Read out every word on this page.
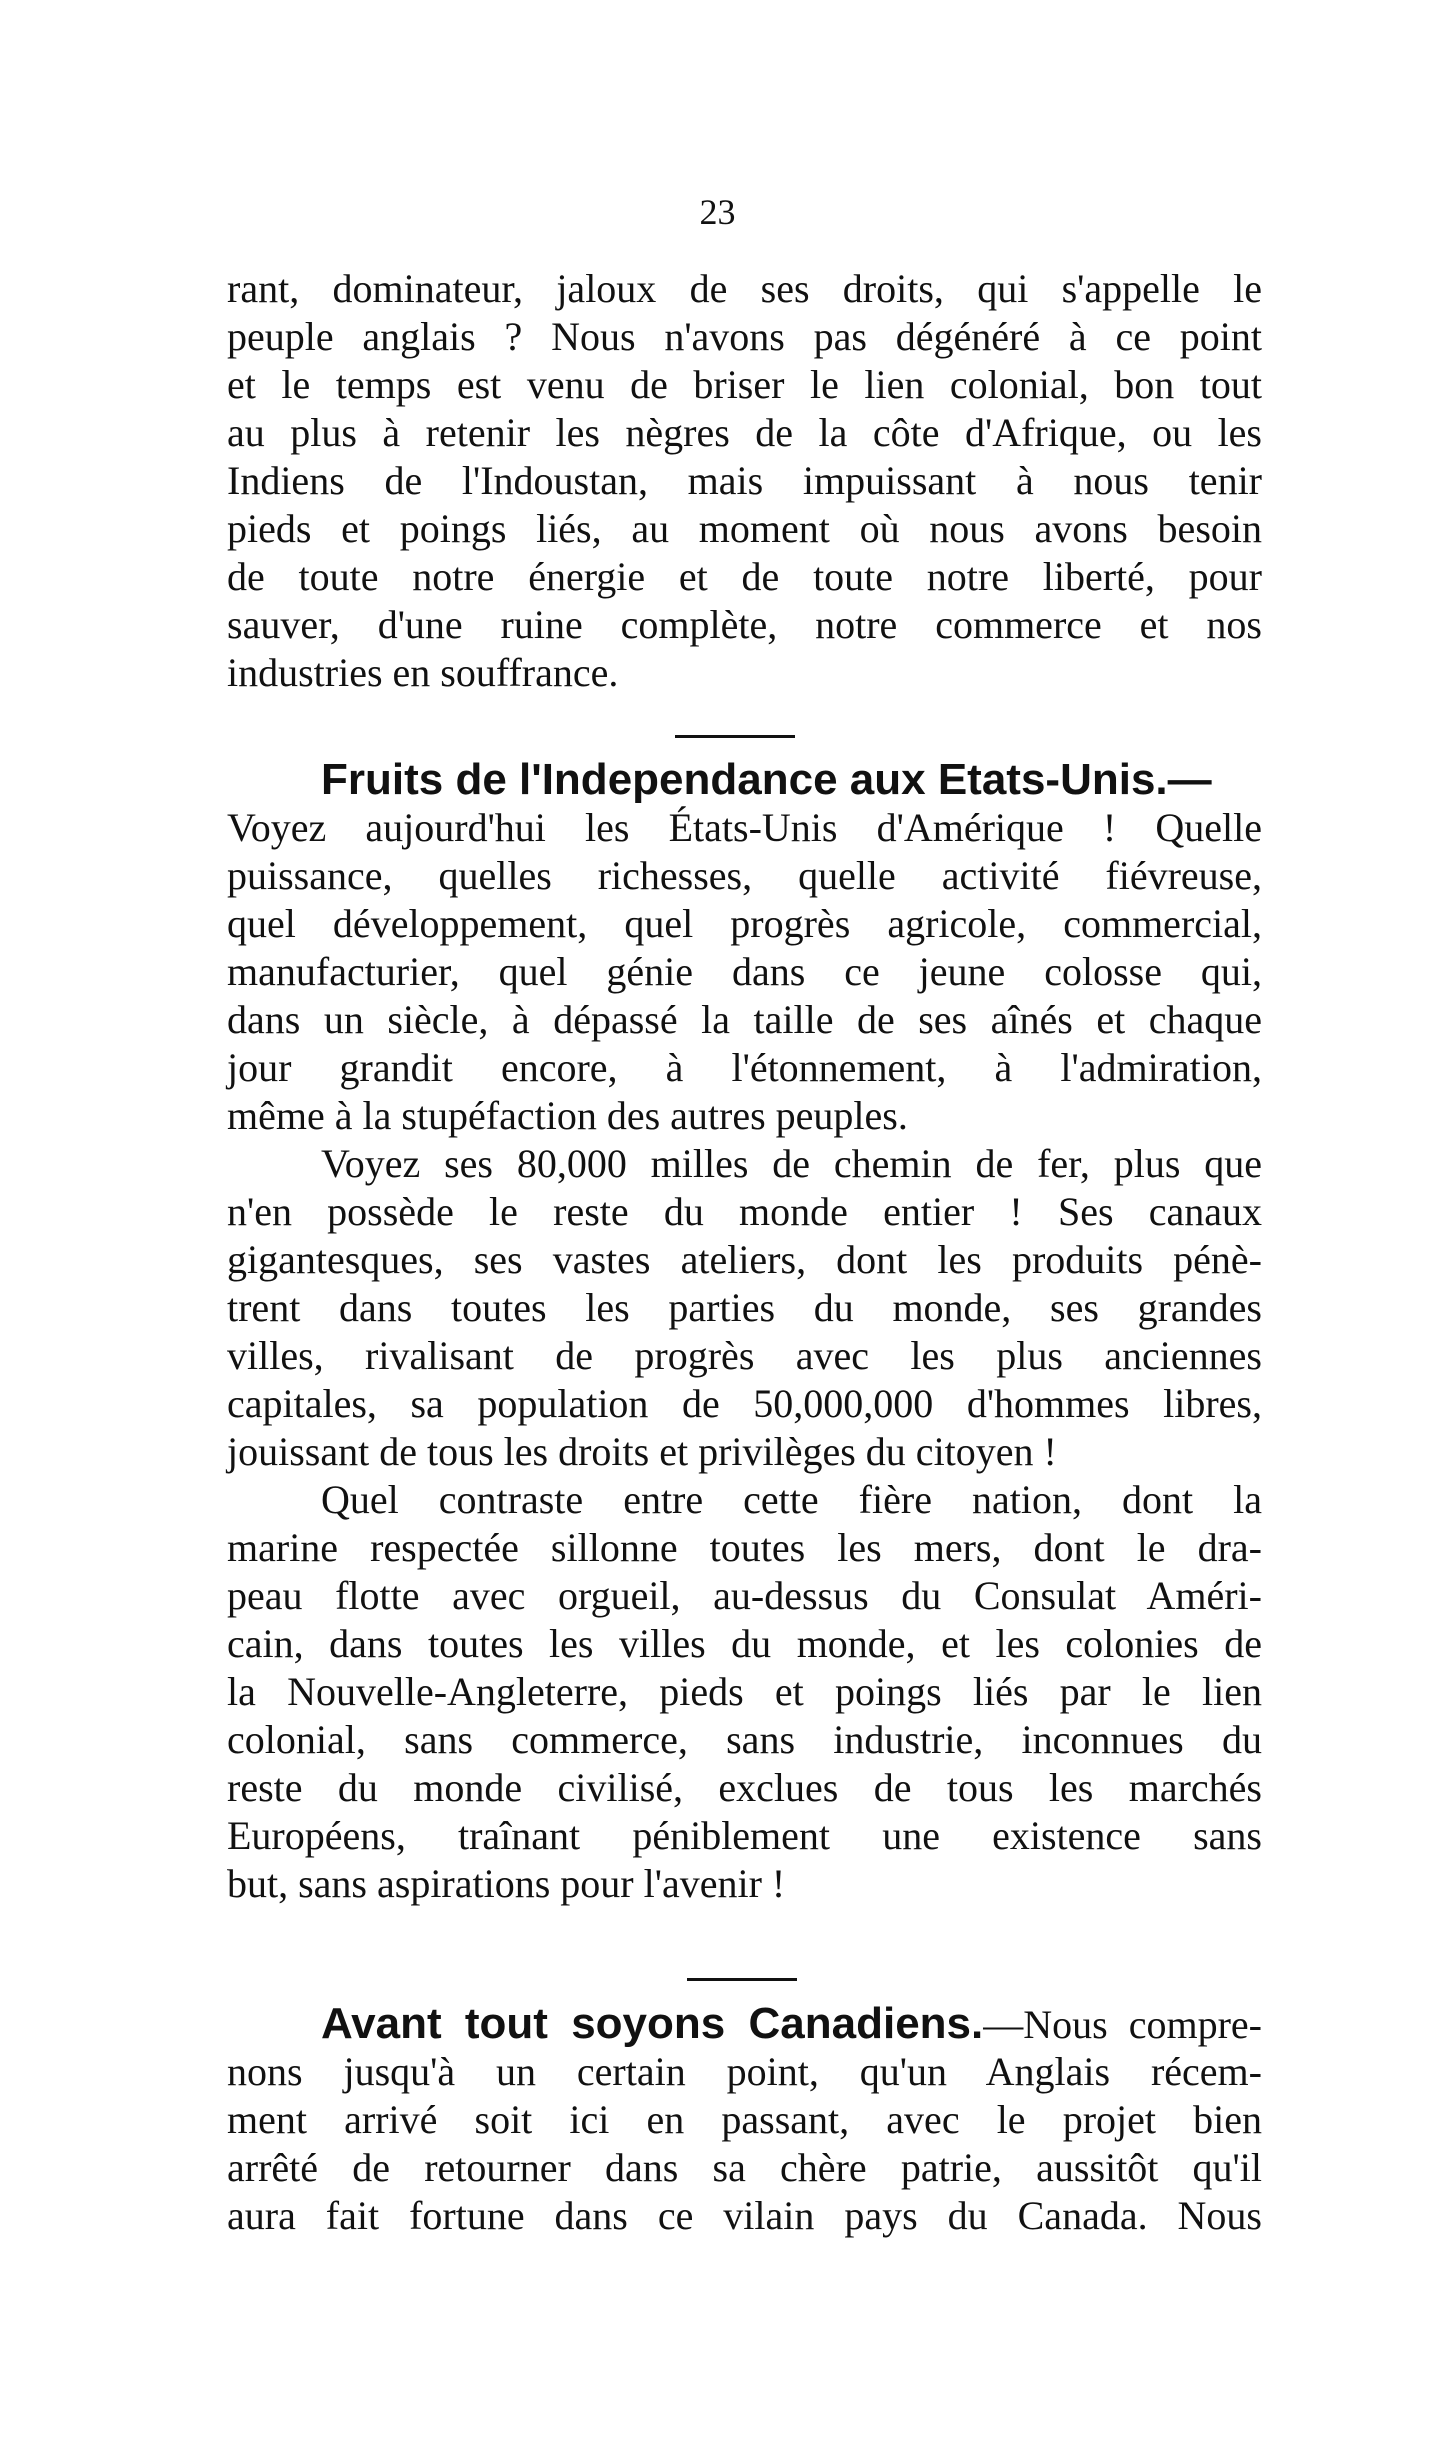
23
rant, dominateur, jaloux de ses droits, qui s'appelle le
peuple anglais ? Nous n'avons pas dégénéré à ce point
et le temps est venu de briser le lien colonial, bon tout
au plus à retenir les nègres de la côte d'Afrique, ou les
Indiens de l'Indoustan, mais impuissant à nous tenir
pieds et poings liés, au moment où nous avons besoin
de toute notre énergie et de toute notre liberté, pour
sauver, d'une ruine complète, notre commerce et nos
industries en souffrance.
Fruits de l'Independance aux Etats-Unis.—
Voyez aujourd'hui les États-Unis d'Amérique ! Quelle
puissance, quelles richesses, quelle activité fiévreuse,
quel développement, quel progrès agricole, commercial,
manufacturier, quel génie dans ce jeune colosse qui,
dans un siècle, à dépassé la taille de ses aînés et chaque
jour grandit encore, à l'étonnement, à l'admiration,
même à la stupéfaction des autres peuples.
Voyez ses 80,000 milles de chemin de fer, plus que
n'en possède le reste du monde entier ! Ses canaux
gigantesques, ses vastes ateliers, dont les produits pénè-
trent dans toutes les parties du monde, ses grandes
villes, rivalisant de progrès avec les plus anciennes
capitales, sa population de 50,000,000 d'hommes libres,
jouissant de tous les droits et privilèges du citoyen !
Quel contraste entre cette fière nation, dont la
marine respectée sillonne toutes les mers, dont le dra-
peau flotte avec orgueil, au-dessus du Consulat Améri-
cain, dans toutes les villes du monde, et les colonies de
la Nouvelle-Angleterre, pieds et poings liés par le lien
colonial, sans commerce, sans industrie, inconnues du
reste du monde civilisé, exclues de tous les marchés
Européens, traînant péniblement une existence sans
but, sans aspirations pour l'avenir !
Avant tout soyons Canadiens.—Nous compre-
nons jusqu'à un certain point, qu'un Anglais récem-
ment arrivé soit ici en passant, avec le projet bien
arrêté de retourner dans sa chère patrie, aussitôt qu'il
aura fait fortune dans ce vilain pays du Canada. Nous
